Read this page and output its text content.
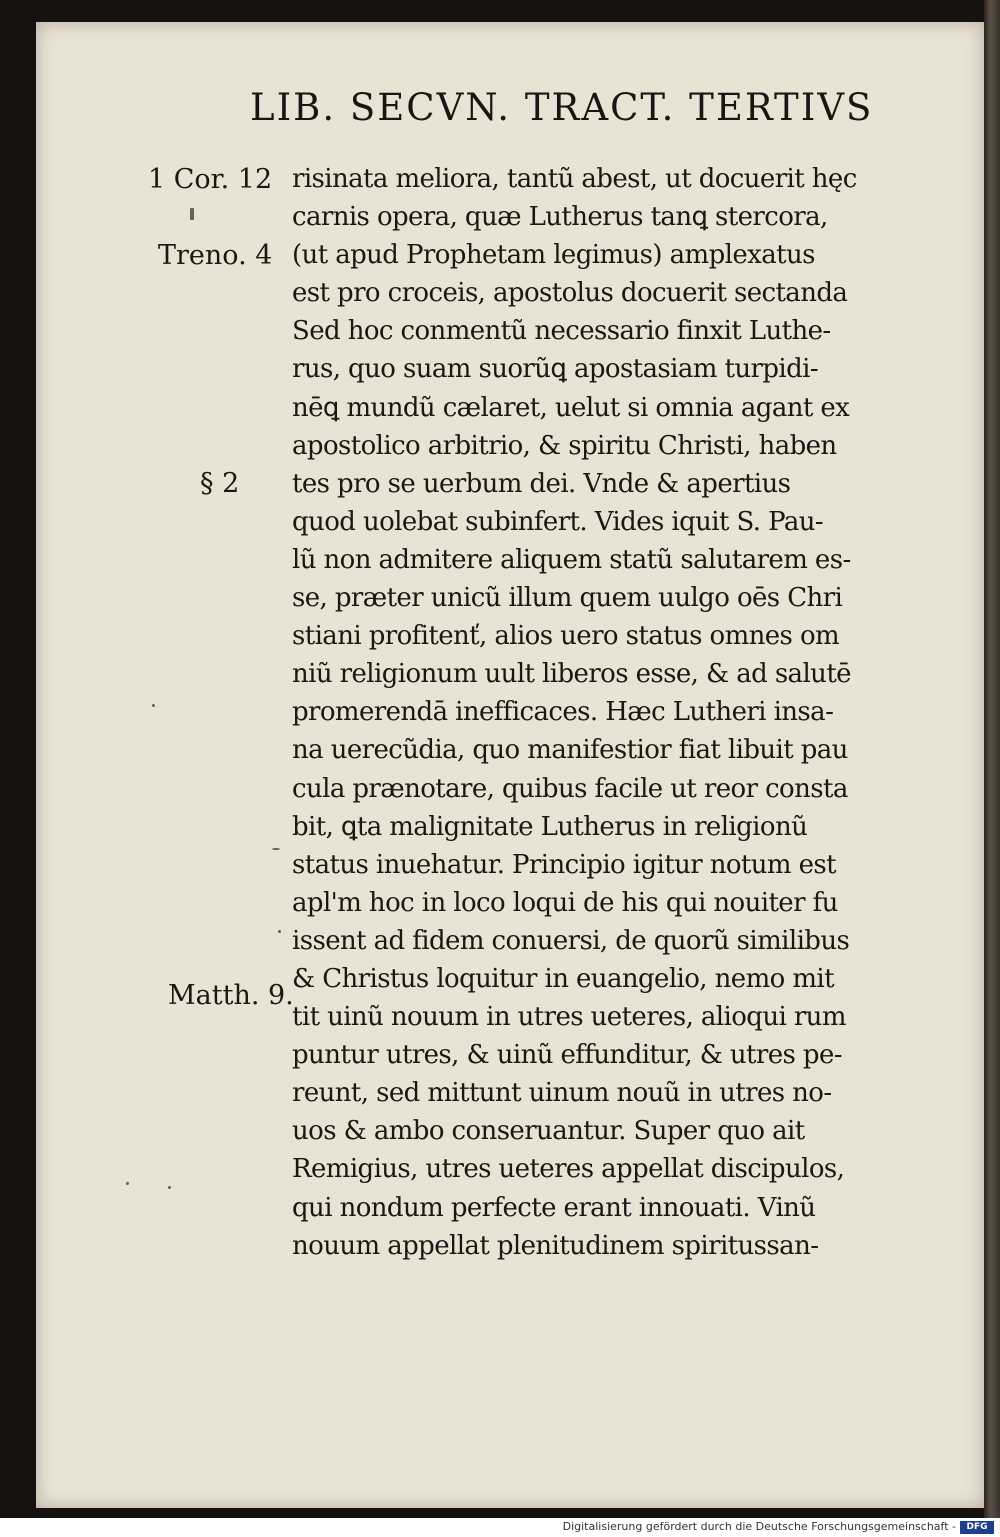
LIB. SECVN. TRACT. TERTIVS
1 Cor. 12
Treno. 4
§ 2
Matth. 9.
risinata meliora, tantũ abest, ut docuerit hęc
carnis opera, quæ Lutherus tanꝗ stercora,
(ut apud Prophetam legimus) amplexatus
est pro croceis, apostolus docuerit sectanda
Sed hoc conmentũ necessario finxit Luthe-
rus, quo suam suorũꝗ apostasiam turpidi-
nēꝗ mundũ cælaret, uelut si omnia agant ex
apostolico arbitrio, & spiritu Christi, haben
tes pro se uerbum dei. Vnde & apertius
quod uolebat subinfert. Vides iquit S. Pau-
lũ non admitere aliquem statũ salutarem es-
se, præter unicũ illum quem uulgo oēs Chri
stiani profitenť, alios uero status omnes om
niũ religionum uult liberos esse, & ad salutē
promerendā inefficaces. Hæc Lutheri insa-
na uerecũdia, quo manifestior fiat libuit pau
cula prænotare, quibus facile ut reor consta
bit, ꝗta malignitate Lutherus in religionũ
status inuehatur. Principio igitur notum est
apl'm hoc in loco loqui de his qui nouiter fu
issent ad fidem conuersi, de quorũ similibus
& Christus loquitur in euangelio, nemo mit
tit uinũ nouum in utres ueteres, alioqui rum
puntur utres, & uinũ effunditur, & utres pe-
reunt, sed mittunt uinum nouũ in utres no-
uos & ambo conseruantur. Super quo ait
Remigius, utres ueteres appellat discipulos,
qui nondum perfecte erant innouati. Vinũ
nouum appellat plenitudinem spiritussan-
Digitalisierung gefördert durch die Deutsche Forschungsgemeinschaft -	DFG
